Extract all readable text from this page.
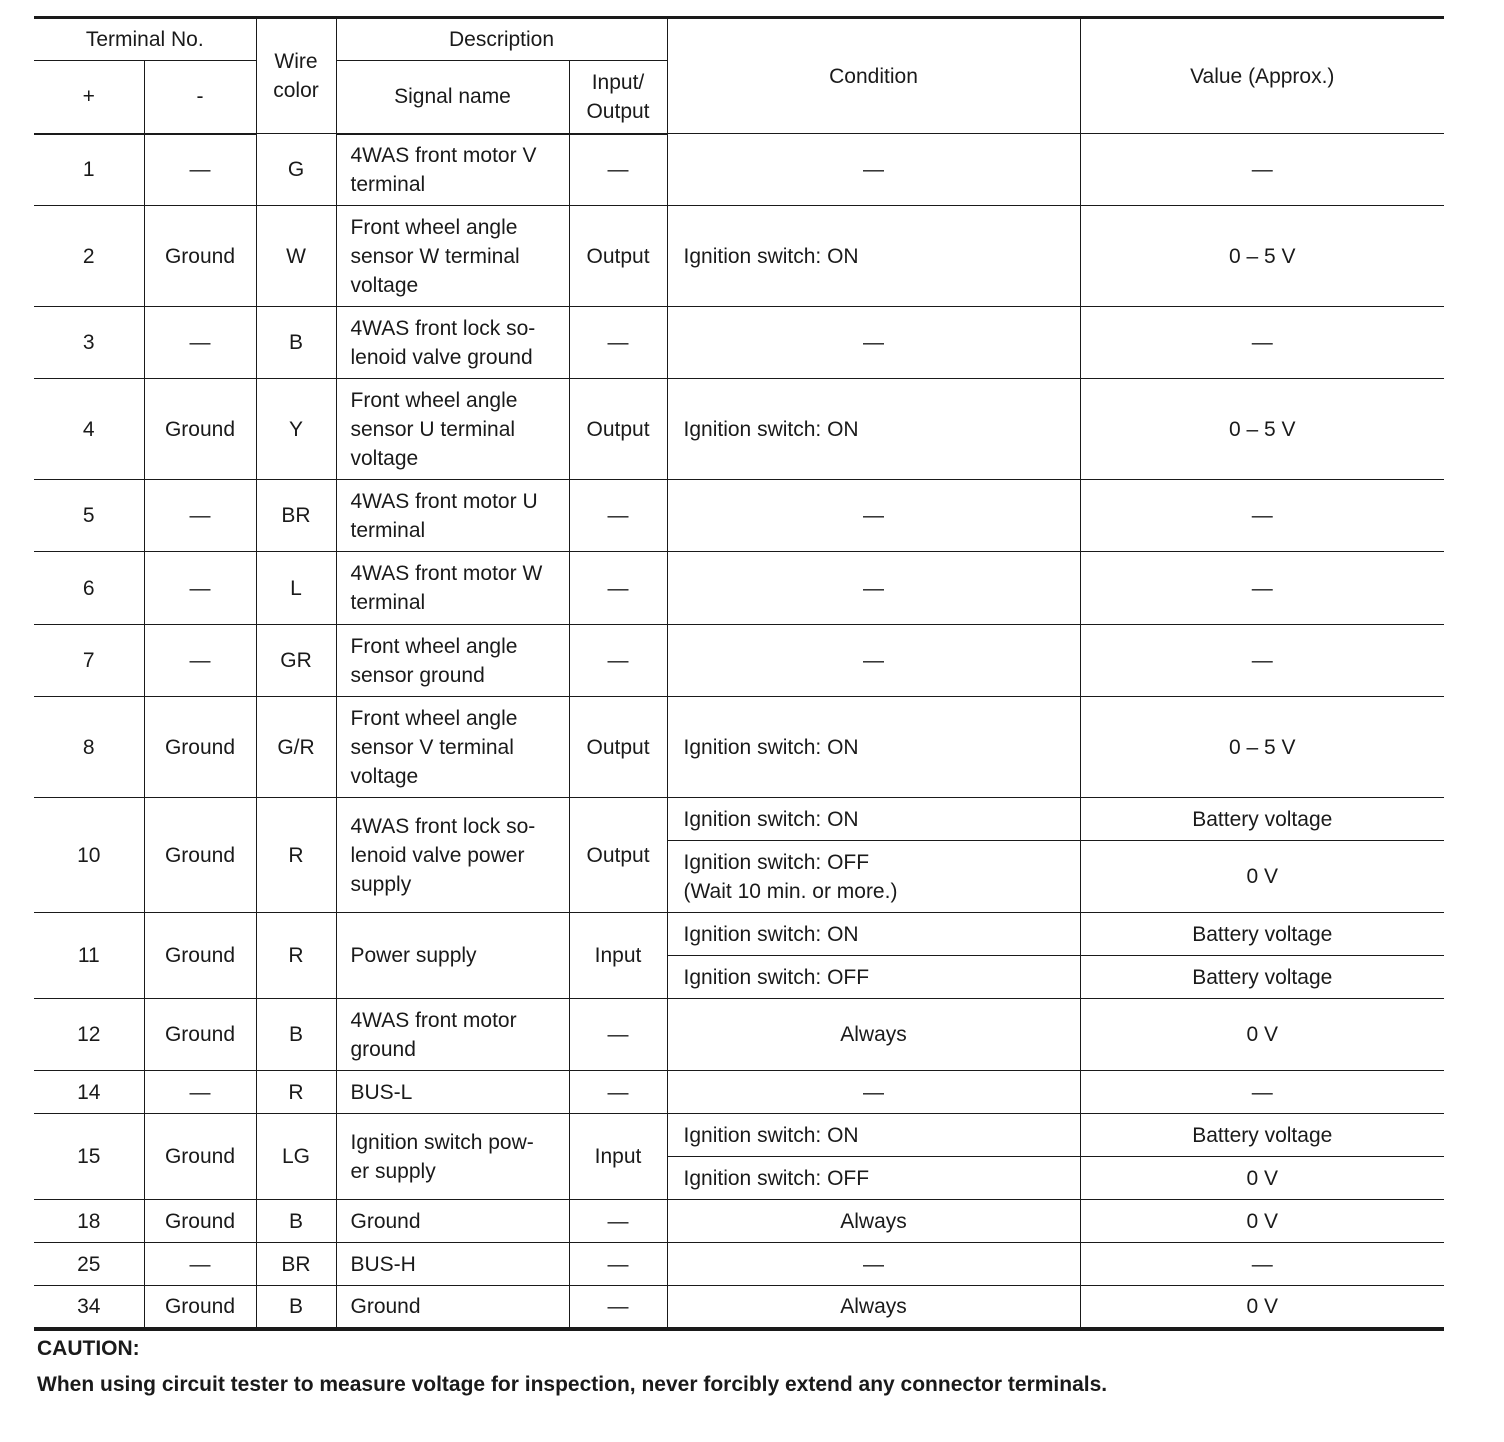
Terminal No.		Wire color	Description		Condition	Value (Approx.)
+	-		Signal name	Input/ Output		
1	—	G	4WAS front motor V terminal	—	—	—
2	Ground	W	Front wheel angle sensor W terminal voltage	Output	Ignition switch: ON	0 – 5 V
3	—	B	4WAS front lock so-
lenoid valve ground	—	—	—
4	Ground	Y	Front wheel angle sensor U terminal voltage	Output	Ignition switch: ON	0 – 5 V
5	—	BR	4WAS front motor U terminal	—	—	—
6	—	L	4WAS front motor W terminal	—	—	—
7	—	GR	Front wheel angle sensor ground	—	—	—
8	Ground	G/R	Front wheel angle sensor V terminal voltage	Output	Ignition switch: ON	0 – 5 V
10	Ground	R	4WAS front lock so-
lenoid valve power
supply	Output	Ignition switch: ON	Battery voltage
					Ignition switch: OFF
(Wait 10 min. or more.)	0 V
11	Ground	R	Power supply	Input	Ignition switch: ON	Battery voltage
					Ignition switch: OFF	Battery voltage
12	Ground	B	4WAS front motor ground	—	Always	0 V
14	—	R	BUS-L	—	—	—
15	Ground	LG	Ignition switch pow-
er supply	Input	Ignition switch: ON	Battery voltage
					Ignition switch: OFF	0 V
18	Ground	B	Ground	—	Always	0 V
25	—	BR	BUS-H	—	—	—
34	Ground	B	Ground	—	Always	0 V
CAUTION:
When using circuit tester to measure voltage for inspection, never forcibly extend any connector terminals.
